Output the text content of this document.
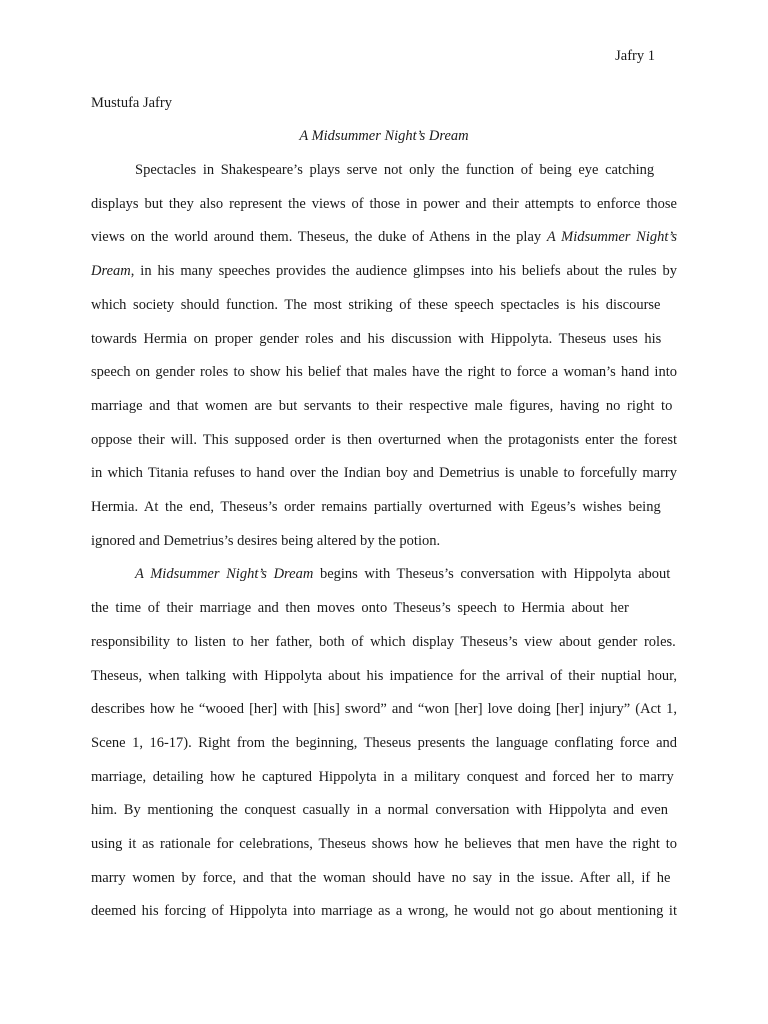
Jafry 1
Mustufa Jafry
A Midsummer Night’s Dream
Spectacles in Shakespeare’s plays serve not only the function of being eye catching
displays but they also represent the views of those in power and their attempts to enforce those
views on the world around them. Theseus, the duke of Athens in the play A Midsummer Night’s
Dream, in his many speeches provides the audience glimpses into his beliefs about the rules by
which society should function. The most striking of these speech spectacles is his discourse
towards Hermia on proper gender roles and his discussion with Hippolyta. Theseus uses his
speech on gender roles to show his belief that males have the right to force a woman’s hand into
marriage and that women are but servants to their respective male figures, having no right to
oppose their will. This supposed order is then overturned when the protagonists enter the forest
in which Titania refuses to hand over the Indian boy and Demetrius is unable to forcefully marry
Hermia. At the end, Theseus’s order remains partially overturned with Egeus’s wishes being
ignored and Demetrius’s desires being altered by the potion.
A Midsummer Night’s Dream begins with Theseus’s conversation with Hippolyta about
the time of their marriage and then moves onto Theseus’s speech to Hermia about her
responsibility to listen to her father, both of which display Theseus’s view about gender roles.
Theseus, when talking with Hippolyta about his impatience for the arrival of their nuptial hour,
describes how he “wooed [her] with [his] sword” and “won [her] love doing [her] injury” (Act 1,
Scene 1, 16-17). Right from the beginning, Theseus presents the language conflating force and
marriage, detailing how he captured Hippolyta in a military conquest and forced her to marry
him. By mentioning the conquest casually in a normal conversation with Hippolyta and even
using it as rationale for celebrations, Theseus shows how he believes that men have the right to
marry women by force, and that the woman should have no say in the issue. After all, if he
deemed his forcing of Hippolyta into marriage as a wrong, he would not go about mentioning it
